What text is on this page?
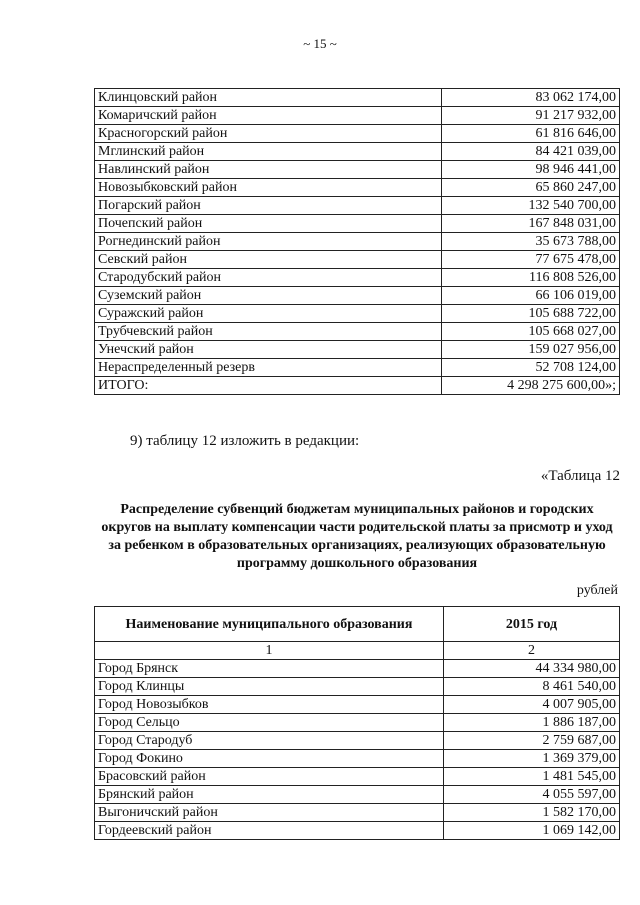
~ 15 ~
Клинцовский район	83 062 174,00
Комаричский район	91 217 932,00
Красногорский район	61 816 646,00
Мглинский район	84 421 039,00
Навлинский район	98 946 441,00
Новозыбковский район	65 860 247,00
Погарский район	132 540 700,00
Почепский район	167 848 031,00
Рогнединский район	35 673 788,00
Севский район	77 675 478,00
Стародубский район	116 808 526,00
Суземский район	66 106 019,00
Суражский район	105 688 722,00
Трубчевский район	105 668 027,00
Унечский район	159 027 956,00
Нераспределенный резерв	52 708 124,00
ИТОГО:	4 298 275 600,00»;
9) таблицу 12 изложить в редакции:
«Таблица 12
Распределение субвенций бюджетам муниципальных районов и городских округов на выплату компенсации части родительской платы за присмотр и уход за ребенком в образовательных организациях, реализующих образовательную программу дошкольного образования
рублей
Наименование муниципального образования	2015 год
1	2
Город Брянск	44 334 980,00
Город Клинцы	8 461 540,00
Город Новозыбков	4 007 905,00
Город Сельцо	1 886 187,00
Город Стародуб	2 759 687,00
Город Фокино	1 369 379,00
Брасовский район	1 481 545,00
Брянский район	4 055 597,00
Выгоничский район	1 582 170,00
Гордеевский район	1 069 142,00
